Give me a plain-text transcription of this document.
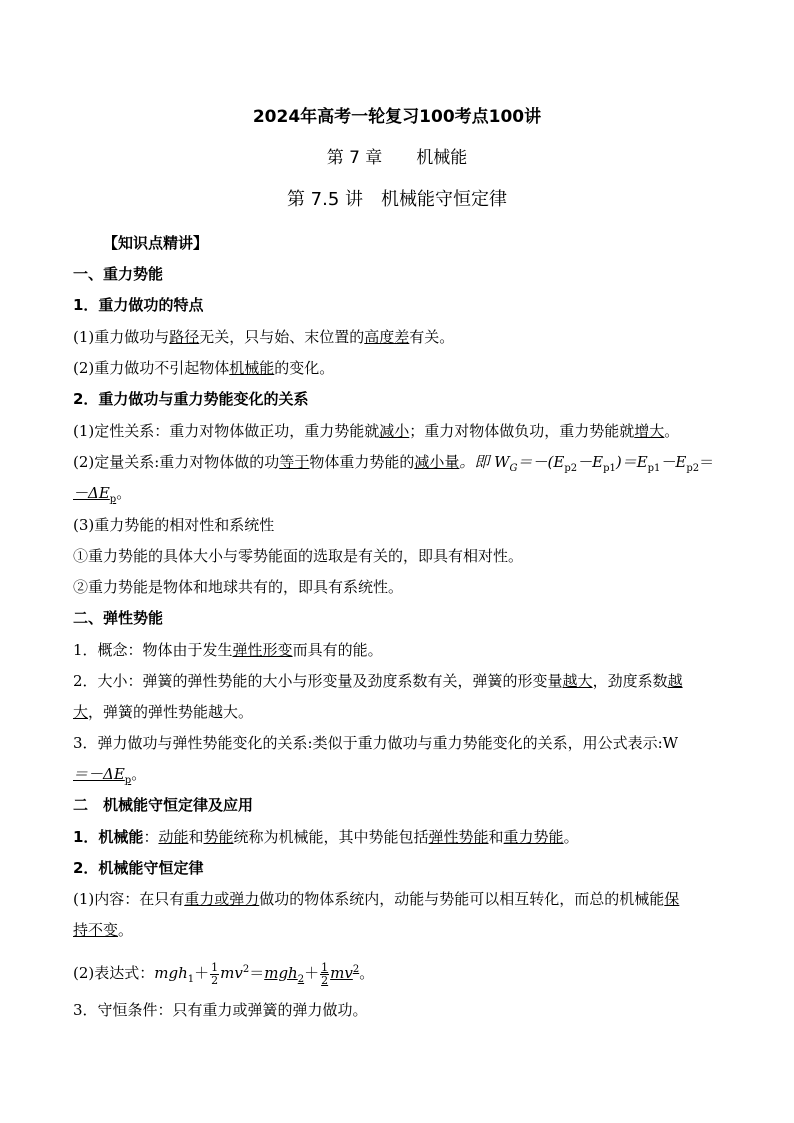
2024年高考一轮复习100考点100讲
第 7 章　　机械能
第 7.5 讲　机械能守恒定律
【知识点精讲】
一、重力势能
1．重力做功的特点
(1)重力做功与路径无关，只与始、末位置的高度差有关。
(2)重力做功不引起物体机械能的变化。
2．重力做功与重力势能变化的关系
(1)定性关系：重力对物体做正功，重力势能就减小；重力对物体做负功，重力势能就增大。
(2)定量关系:重力对物体做的功等于物体重力势能的减小量。即 $W_G=-(E_{p2}-E_{p1})=E_{p1}-E_{p2}=$
$-\Delta E_p$。
(3)重力势能的相对性和系统性
①重力势能的具体大小与零势能面的选取是有关的，即具有相对性。
②重力势能是物体和地球共有的，即具有系统性。
二、弹性势能
1．概念：物体由于发生弹性形变而具有的能。
2．大小：弹簧的弹性势能的大小与形变量及劲度系数有关，弹簧的形变量越大，劲度系数越
大，弹簧的弹性势能越大。
3．弹力做功与弹性势能变化的关系:类似于重力做功与重力势能变化的关系，用公式表示:W
$=-\Delta E_p$。
二　机械能守恒定律及应用
1．机械能：动能和势能统称为机械能，其中势能包括弹性势能和重力势能。
2．机械能守恒定律
(1)内容：在只有重力或弹力做功的物体系统内，动能与势能可以相互转化，而总的机械能保
持不变。
(2)表达式：$mgh_1+ \frac{1}{2} mv^2=mgh_2+ \frac{1}{2} mv^2$。
3．守恒条件：只有重力或弹簧的弹力做功。
